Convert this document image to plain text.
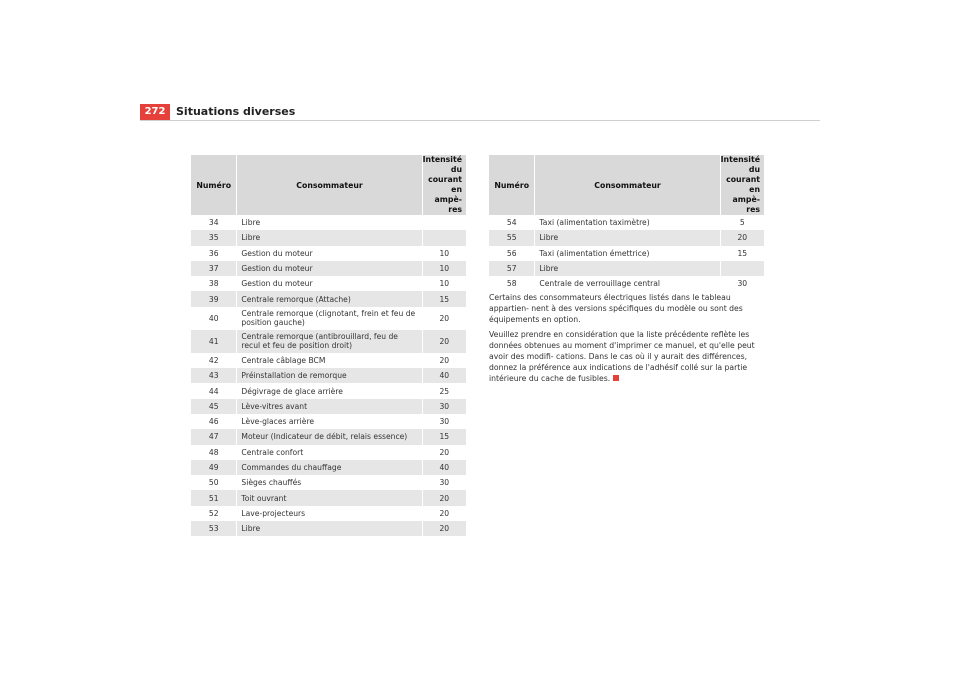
272 Situations diverses
Numéro	Consommateur	Intensité
du courant
en ampè-
res

34	Libre	
35	Libre	
36	Gestion du moteur	10
37	Gestion du moteur	10
38	Gestion du moteur	10
39	Centrale remorque (Attache)	15
40	Centrale remorque (clignotant, frein et feu de position gauche)	20
41	Centrale remorque (antibrouillard, feu de recul et feu de position droit)	20
42	Centrale câblage BCM	20
43	Préinstallation de remorque	40
44	Dégivrage de glace arrière	25
45	Lève-vitres avant	30
46	Lève-glaces arrière	30
47	Moteur (Indicateur de débit, relais essence)	15
48	Centrale confort	20
49	Commandes du chauffage	40
50	Sièges chauffés	30
51	Toit ouvrant	20
52	Lave-projecteurs	20
53	Libre	20
Numéro	Consommateur	Intensité
du courant
en ampè-
res

54	Taxi (alimentation taximètre)	5
55	Libre	20
56	Taxi (alimentation émettrice)	15
57	Libre	
58	Centrale de verrouillage central	30

Certains des consommateurs électriques listés dans le tableau appartien- nent à des versions spécifiques du modèle ou sont des équipements en option.

Veuillez prendre en considération que la liste précédente reflète les données obtenues au moment d'imprimer ce manuel, et qu'elle peut avoir des modifi- cations. Dans le cas où il y aurait des différences, donnez la préférence aux indications de l'adhésif collé sur la partie intérieure du cache de fusibles.
